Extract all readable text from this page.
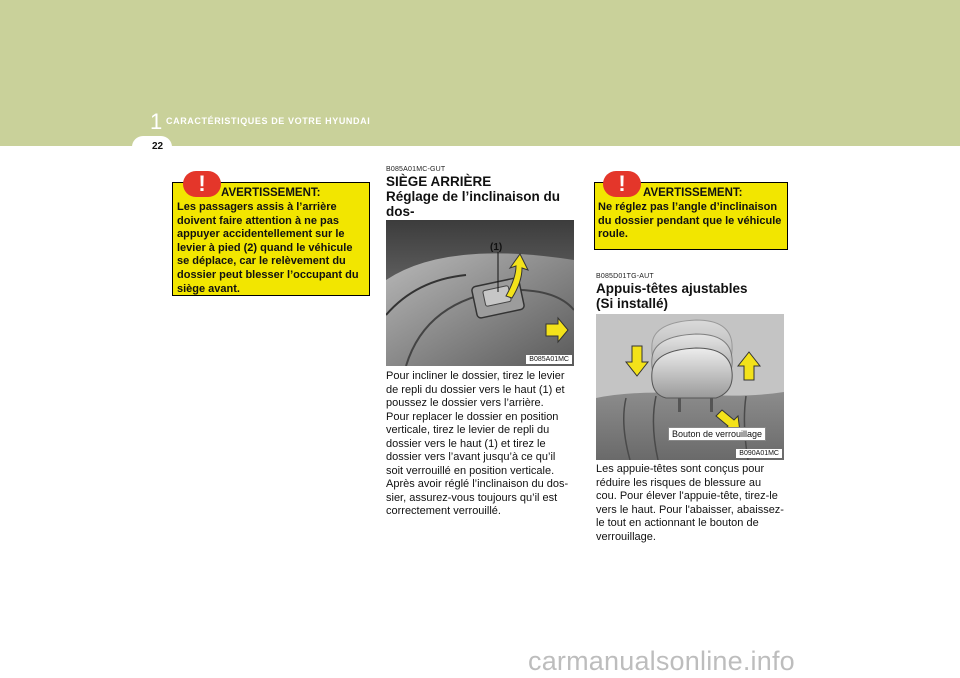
1 CARACTÉRISTIQUES DE VOTRE HYUNDAI
22
!	AVERTISSEMENT:
Les passagers assis à l’arrière
doivent faire attention à ne pas
appuyer accidentellement sur le
levier à pied (2) quand le véhicule
se déplace, car le relèvement du
dossier peut blesser l’occupant du
siège avant.
B085A01MC-GUT
SIÈGE ARRIÈRE
Réglage de l’inclinaison du dos-
(1)
B085A01MC
Pour incliner le dossier, tirez le levier
de repli du dossier vers le haut (1) et
poussez le dossier vers l’arrière.
Pour replacer le dossier en position
verticale, tirez le levier de repli du
dossier vers le haut (1) et tirez le
dossier vers l’avant jusqu’à ce qu’il
soit verrouillé en position verticale.
Après avoir réglé l’inclinaison du dos-
sier, assurez-vous toujours qu’il est
correctement verrouillé.
!	AVERTISSEMENT:
Ne réglez pas l’angle d’inclinaison
du dossier pendant que le véhicule
roule.
B085D01TG-AUT
Appuis-têtes ajustables
(Si installé)
Bouton de verrouillage
B090A01MC
Les appuie-têtes sont conçus pour
réduire les risques de blessure au
cou. Pour élever l'appuie-tête, tirez-le
vers le haut. Pour l'abaisser, abaissez-
le tout en actionnant le bouton de
verrouillage.
carmanualsonline.info
